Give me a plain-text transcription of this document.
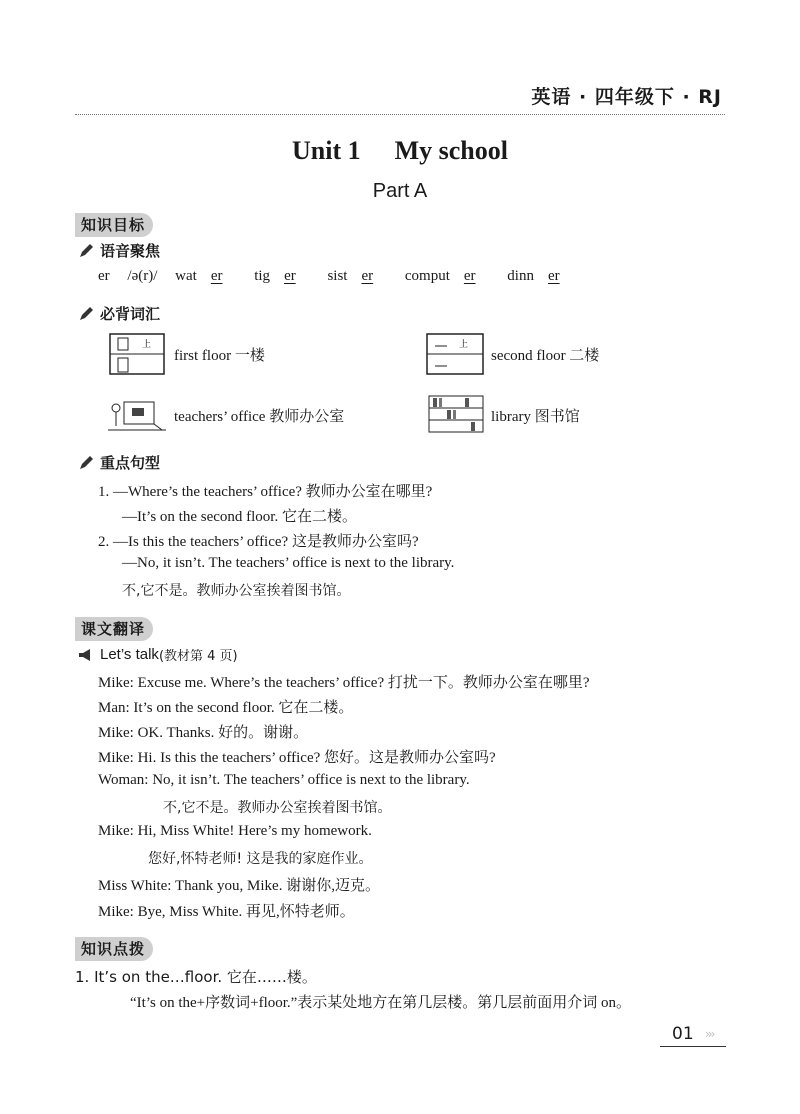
英语 · 四年级下 · RJ
Unit 1 My school
Part A
知识目标
语音聚焦
er /ə(r)/ wat er tig er sist er comput er dinn er
必背词汇
上
first floor 一楼
上
second floor 二楼
teachers’ office 教师办公室	library 图书馆
重点句型
1. —Where’s the teachers’ office? 教师办公室在哪里?
—It’s on the second floor. 它在二楼。
2. —Is this the teachers’ office? 这是教师办公室吗?
—No, it isn’t. The teachers’ office is next to the library.
不,它不是。教师办公室挨着图书馆。
课文翻译
Let’s talk (教材第 4 页)
Mike: Excuse me. Where’s the teachers’ office? 打扰一下。教师办公室在哪里?
Man: It’s on the second floor. 它在二楼。
Mike: OK. Thanks. 好的。谢谢。
Mike: Hi. Is this the teachers’ office? 您好。这是教师办公室吗?
Woman: No, it isn’t. The teachers’ office is next to the library.
不,它不是。教师办公室挨着图书馆。
Mike: Hi, Miss White! Here’s my homework.
您好,怀特老师! 这是我的家庭作业。
Miss White: Thank you, Mike. 谢谢你,迈克。
Mike: Bye, Miss White. 再见,怀特老师。
知识点拨
1. It’s on the…floor. 它在……楼。
“It’s on the+序数词+floor.”表示某处地方在第几层楼。第几层前面用介词 on。
01 ›››
